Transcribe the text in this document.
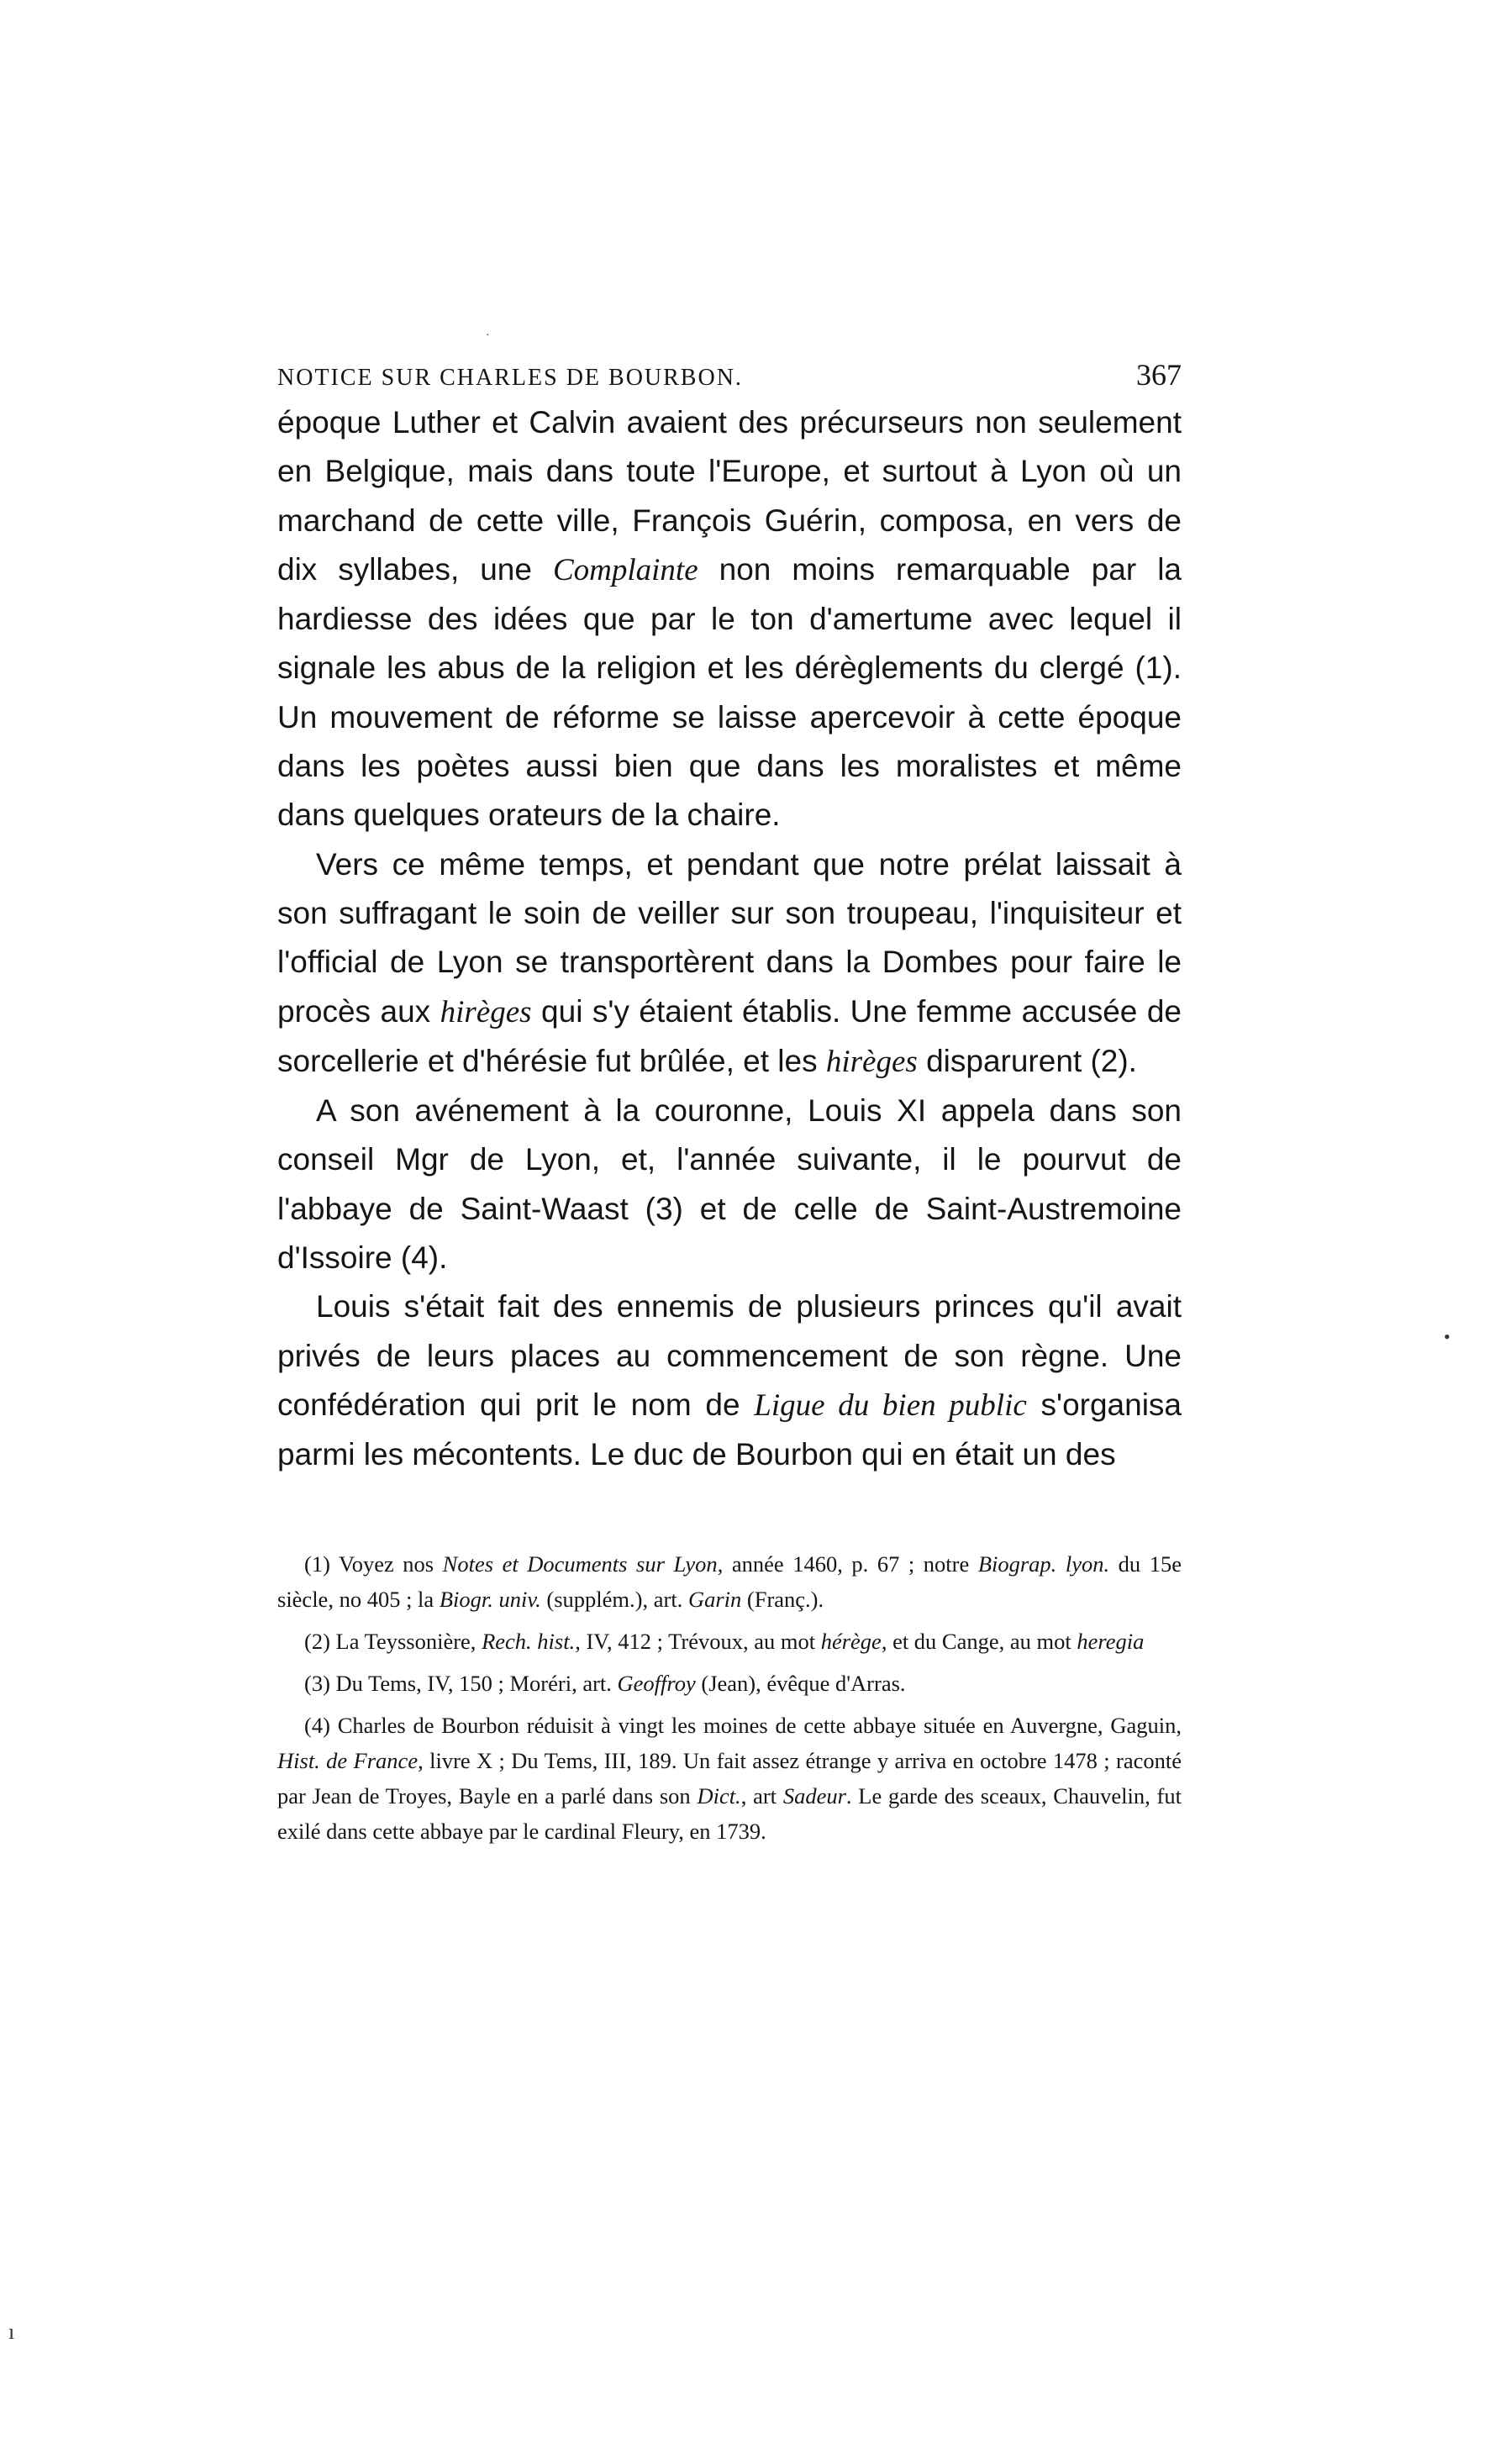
NOTICE SUR CHARLES DE BOURBON.	367

époque Luther et Calvin avaient des précurseurs non seulement en Belgique, mais dans toute l'Europe, et surtout à Lyon où un marchand de cette ville, François Guérin, composa, en vers de dix syllabes, une Complainte non moins remarquable par la hardiesse des idées que par le ton d'amertume avec lequel il signale les abus de la religion et les dérèglements du clergé (1). Un mouvement de réforme se laisse apercevoir à cette époque dans les poètes aussi bien que dans les moralistes et même dans quelques orateurs de la chaire.

Vers ce même temps, et pendant que notre prélat laissait à son suffragant le soin de veiller sur son troupeau, l'inquisiteur et l'official de Lyon se transportèrent dans la Dombes pour faire le procès aux hirèges qui s'y étaient établis. Une femme accusée de sorcellerie et d'hérésie fut brûlée, et les hirèges disparurent (2).

A son avénement à la couronne, Louis XI appela dans son conseil Mgr de Lyon, et, l'année suivante, il le pourvut de l'abbaye de Saint-Waast (3) et de celle de Saint-Austremoine d'Issoire (4).

Louis s'était fait des ennemis de plusieurs princes qu'il avait privés de leurs places au commencement de son règne. Une confédération qui prit le nom de Ligue du bien public s'organisa parmi les mécontents. Le duc de Bourbon qui en était un des

(1) Voyez nos Notes et Documents sur Lyon, année 1460, p. 67 ; notre Biograp. lyon. du 15e siècle, no 405 ; la Biogr. univ. (supplém.), art. Garin (Franç.).

(2) La Teyssonière, Rech. hist., IV, 412 ; Trévoux, au mot hérège, et du Cange, au mot heregia

(3) Du Tems, IV, 150 ; Moréri, art. Geoffroy (Jean), évêque d'Arras.

(4) Charles de Bourbon réduisit à vingt les moines de cette abbaye située en Auvergne, Gaguin, Hist. de France, livre X ; Du Tems, III, 189. Un fait assez étrange y arriva en octobre 1478 ; raconté par Jean de Troyes, Bayle en a parlé dans son Dict., art Sadeur. Le garde des sceaux, Chauvelin, fut exilé dans cette abbaye par le cardinal Fleury, en 1739.

•
·
ı
